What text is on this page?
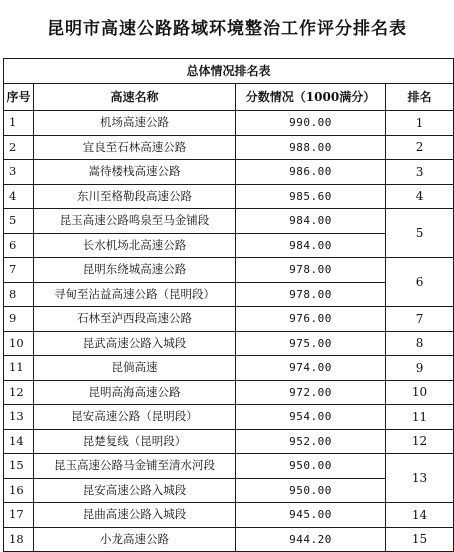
昆明市高速公路路域环境整治工作评分排名表
总体情况排名表			
序号	高速名称	分数情况（1000满分）	排名
1	机场高速公路	990.00	1
2	宜良至石林高速公路	988.00	2
3	嵩待楼栈高速公路	986.00	3
4	东川至格勒段高速公路	985.60	4
5	昆玉高速公路鸣泉至马金铺段	984.00	5
6	长水机场北高速公路	984.00	
7	昆明东绕城高速公路	978.00	6
8	寻甸至沾益高速公路（昆明段）	978.00	
9	石林至泸西段高速公路	976.00	7
10	昆武高速公路入城段	975.00	8
11	昆倘高速	974.00	9
12	昆明高海高速公路	972.00	10
13	昆安高速公路（昆明段）	954.00	11
14	昆楚复线（昆明段）	952.00	12
15	昆玉高速公路马金铺至清水河段	950.00	13
16	昆安高速公路入城段	950.00	
17	昆曲高速公路入城段	945.00	14
18	小龙高速公路	944.20	15
